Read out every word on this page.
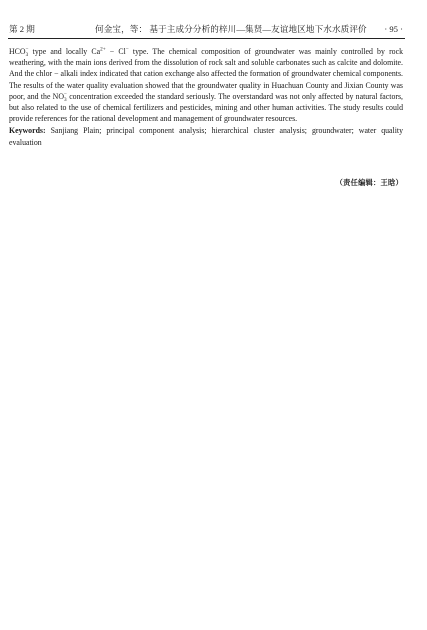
第 2 期	何金宝，等： 基于主成分分析的梓川—集贤—友谊地区地下水水质评价 · 95 ·

$HCO_3^-$ type and locally $Ca^{2+} - Cl^-$ type. The chemical composition of groundwater was mainly controlled by rock weathering, with the main ions derived from the dissolution of rock salt and soluble carbonates such as calcite and dolomite. And the chlor − alkali index indicated that cation exchange also affected the formation of groundwater chemical components. The results of the water quality evaluation showed that the groundwater quality in Huachuan County and Jixian County was poor, and the $NO_3^-$ concentration exceeded the standard seriously. The overstandard was not only affected by natural factors, but also related to the use of chemical fertilizers and pesticides, mining and other human activities. The study results could provide references for the rational development and management of groundwater resources.

Keywords: Sanjiang Plain; principal component analysis; hierarchical cluster analysis; groundwater; water quality evaluation

（责任编辑：王晗）
